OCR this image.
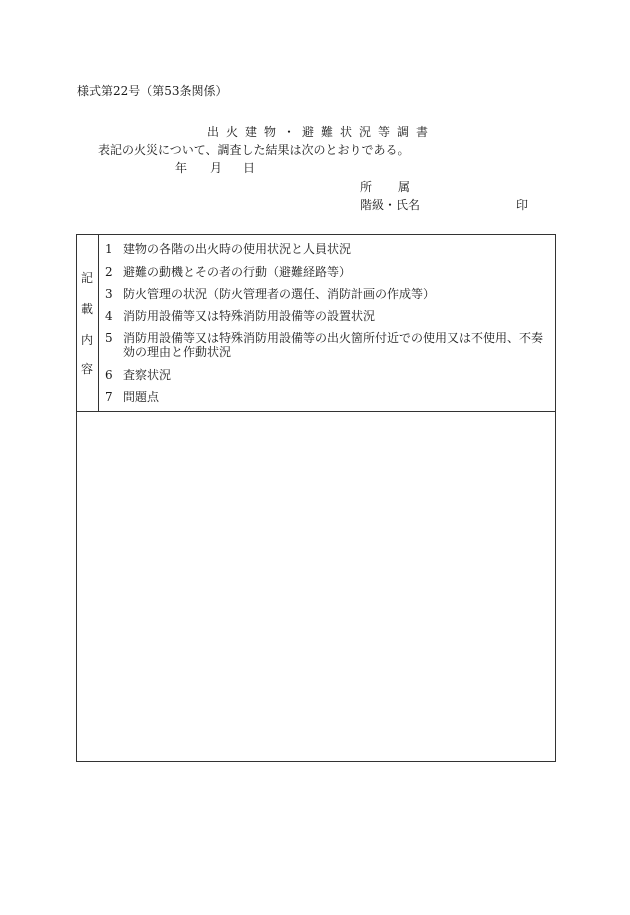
様式第22号（第53条関係）
出火建物・避難状況等調書
表記の火災について、調査した結果は次のとおりである。
年 月 日
所属
階級・氏名	印
記
載
内
容
1 建物の各階の出火時の使用状況と人員状況
2 避難の動機とその者の行動（避難経路等）
3 防火管理の状況（防火管理者の選任、消防計画の作成等）
4 消防用設備等又は特殊消防用設備等の設置状況
5 消防用設備等又は特殊消防用設備等の出火箇所付近での使用又は不使用、不奏
効の理由と作動状況
6 査察状況
7 問題点
